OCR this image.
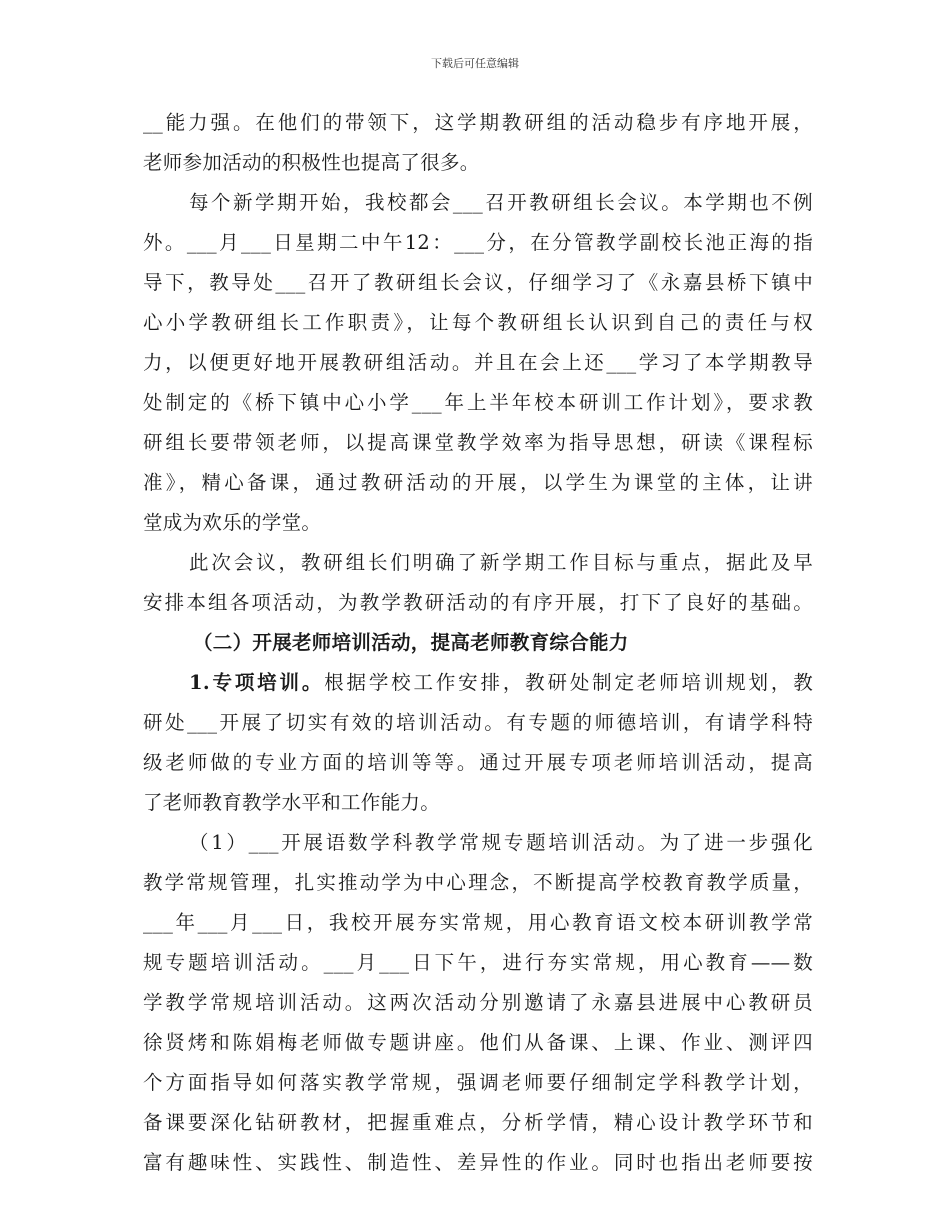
下载后可任意编辑
__能力强。在他们的带领下，这学期教研组的活动稳步有序地开展，
老师参加活动的积极性也提高了很多。
每个新学期开始，我校都会___召开教研组长会议。本学期也不例
外。___月___日星期二中午12：___分，在分管教学副校长池正海的指
导下，教导处___召开了教研组长会议，仔细学习了《永嘉县桥下镇中
心小学教研组长工作职责》，让每个教研组长认识到自己的责任与权
力，以便更好地开展教研组活动。并且在会上还___学习了本学期教导
处制定的《桥下镇中心小学___年上半年校本研训工作计划》，要求教
研组长要带领老师，以提高课堂教学效率为指导思想，研读《课程标
准》，精心备课，通过教研活动的开展，以学生为课堂的主体，让讲
堂成为欢乐的学堂。
此次会议，教研组长们明确了新学期工作目标与重点，据此及早
安排本组各项活动，为教学教研活动的有序开展，打下了良好的基础。
（二）开展老师培训活动，提高老师教育综合能力
1.专项培训。根据学校工作安排，教研处制定老师培训规划，教
研处___开展了切实有效的培训活动。有专题的师德培训，有请学科特
级老师做的专业方面的培训等等。通过开展专项老师培训活动，提高
了老师教育教学水平和工作能力。
（1）___开展语数学科教学常规专题培训活动。为了进一步强化
教学常规管理，扎实推动学为中心理念，不断提高学校教育教学质量，
___年___月___日，我校开展夯实常规，用心教育语文校本研训教学常
规专题培训活动。___月___日下午，进行夯实常规，用心教育——数
学教学常规培训活动。这两次活动分别邀请了永嘉县进展中心教研员
徐贤烤和陈娟梅老师做专题讲座。他们从备课、上课、作业、测评四
个方面指导如何落实教学常规，强调老师要仔细制定学科教学计划，
备课要深化钻研教材，把握重难点，分析学情，精心设计教学环节和
富有趣味性、实践性、制造性、差异性的作业。同时也指出老师要按
